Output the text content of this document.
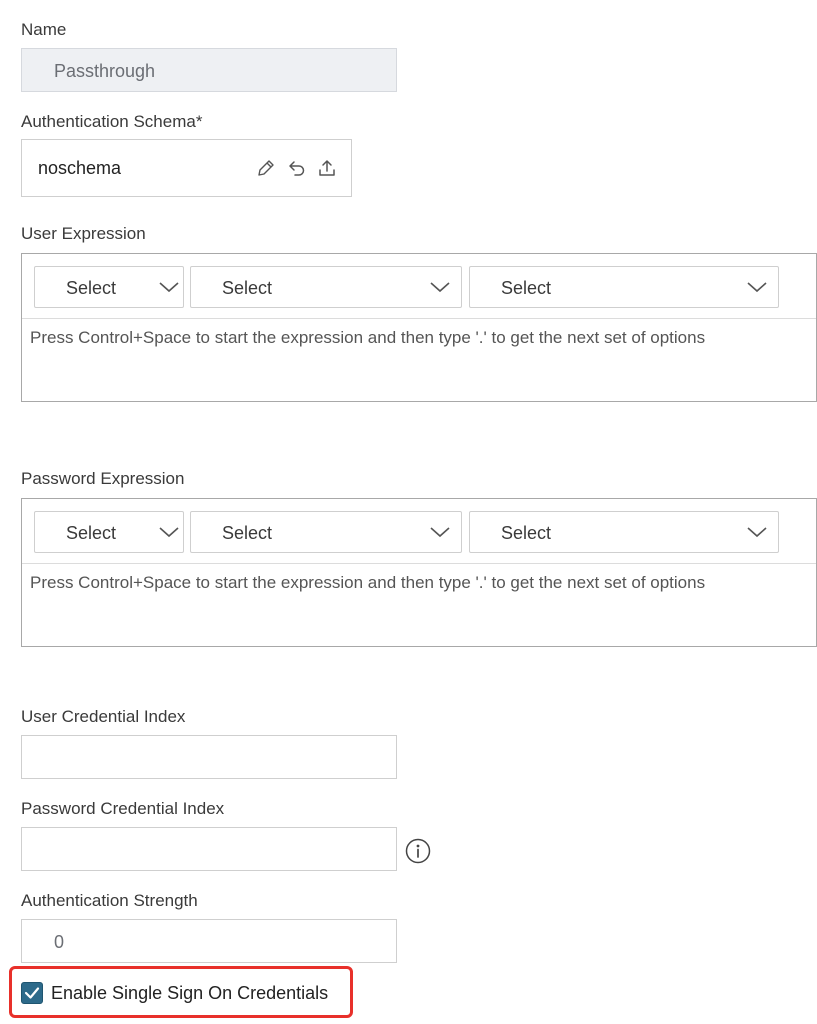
Name
Passthrough
Authentication Schema*
noschema
User Expression
Select	Select	Select
Press Control+Space to start the expression and then type '.' to get the next set of options
Password Expression
Select	Select	Select
Press Control+Space to start the expression and then type '.' to get the next set of options
User Credential Index
Password Credential Index
Authentication Strength
0
Enable Single Sign On Credentials
